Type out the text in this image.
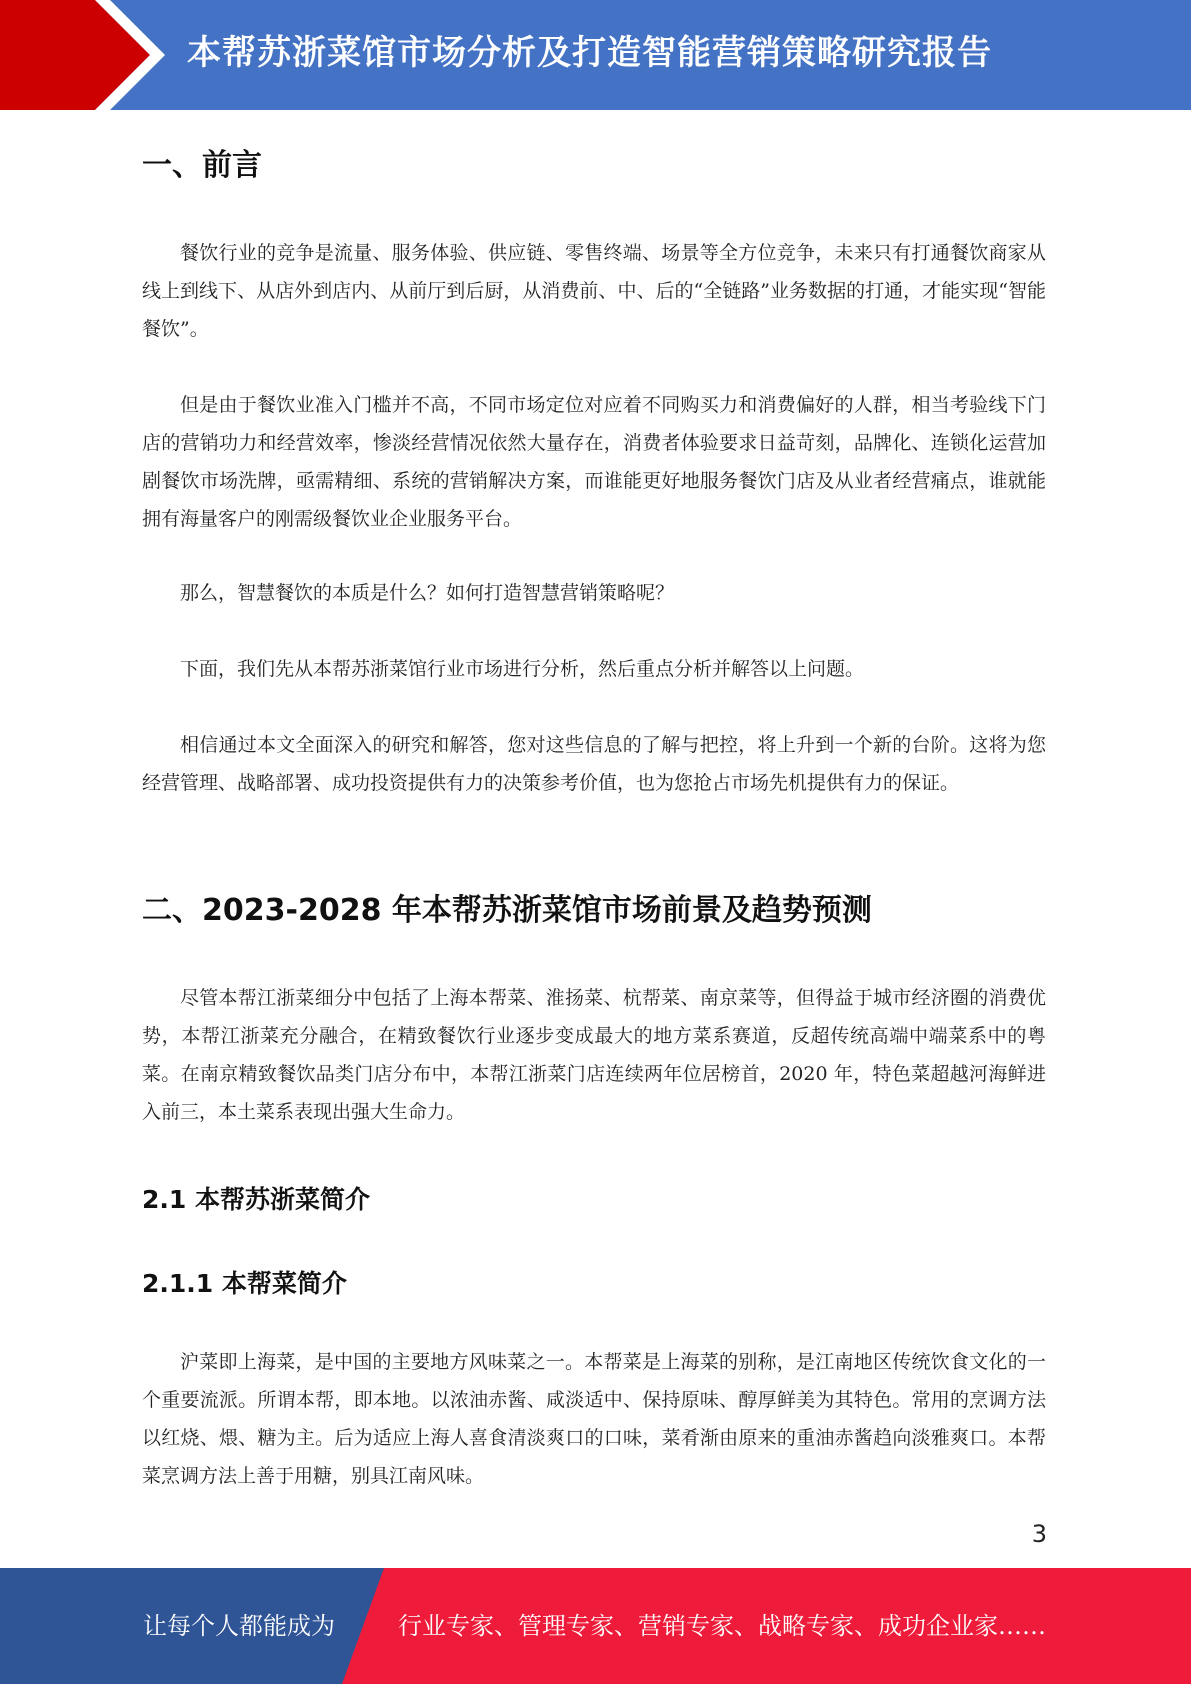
本帮苏浙菜馆市场分析及打造智能营销策略研究报告
一、前言

餐饮行业的竞争是流量、服务体验、供应链、零售终端、场景等全方位竞争，未来只有打通餐饮商家从线上到线下、从店外到店内、从前厅到后厨，从消费前、中、后的“全链路”业务数据的打通，才能实现“智能餐饮”。

但是由于餐饮业准入门槛并不高，不同市场定位对应着不同购买力和消费偏好的人群，相当考验线下门店的营销功力和经营效率，惨淡经营情况依然大量存在，消费者体验要求日益苛刻，品牌化、连锁化运营加剧餐饮市场洗牌，亟需精细、系统的营销解决方案，而谁能更好地服务餐饮门店及从业者经营痛点，谁就能拥有海量客户的刚需级餐饮业企业服务平台。

那么，智慧餐饮的本质是什么？如何打造智慧营销策略呢？

下面，我们先从本帮苏浙菜馆行业市场进行分析，然后重点分析并解答以上问题。

相信通过本文全面深入的研究和解答，您对这些信息的了解与把控，将上升到一个新的台阶。这将为您经营管理、战略部署、成功投资提供有力的决策参考价值，也为您抢占市场先机提供有力的保证。

二、2023-2028 年本帮苏浙菜馆市场前景及趋势预测

尽管本帮江浙菜细分中包括了上海本帮菜、淮扬菜、杭帮菜、南京菜等，但得益于城市经济圈的消费优势，本帮江浙菜充分融合，在精致餐饮行业逐步变成最大的地方菜系赛道，反超传统高端中端菜系中的粤菜。在南京精致餐饮品类门店分布中，本帮江浙菜门店连续两年位居榜首，2020 年，特色菜超越河海鲜进入前三，本土菜系表现出强大生命力。

2.1 本帮苏浙菜简介
2.1.1 本帮菜简介

沪菜即上海菜，是中国的主要地方风味菜之一。本帮菜是上海菜的别称，是江南地区传统饮食文化的一个重要流派。所谓本帮，即本地。以浓油赤酱、咸淡适中、保持原味、醇厚鲜美为其特色。常用的烹调方法以红烧、煨、糖为主。后为适应上海人喜食清淡爽口的口味，菜肴渐由原来的重油赤酱趋向淡雅爽口。本帮菜烹调方法上善于用糖，别具江南风味。

3
让每个人都能成为	行业专家、管理专家、营销专家、战略专家、成功企业家……
